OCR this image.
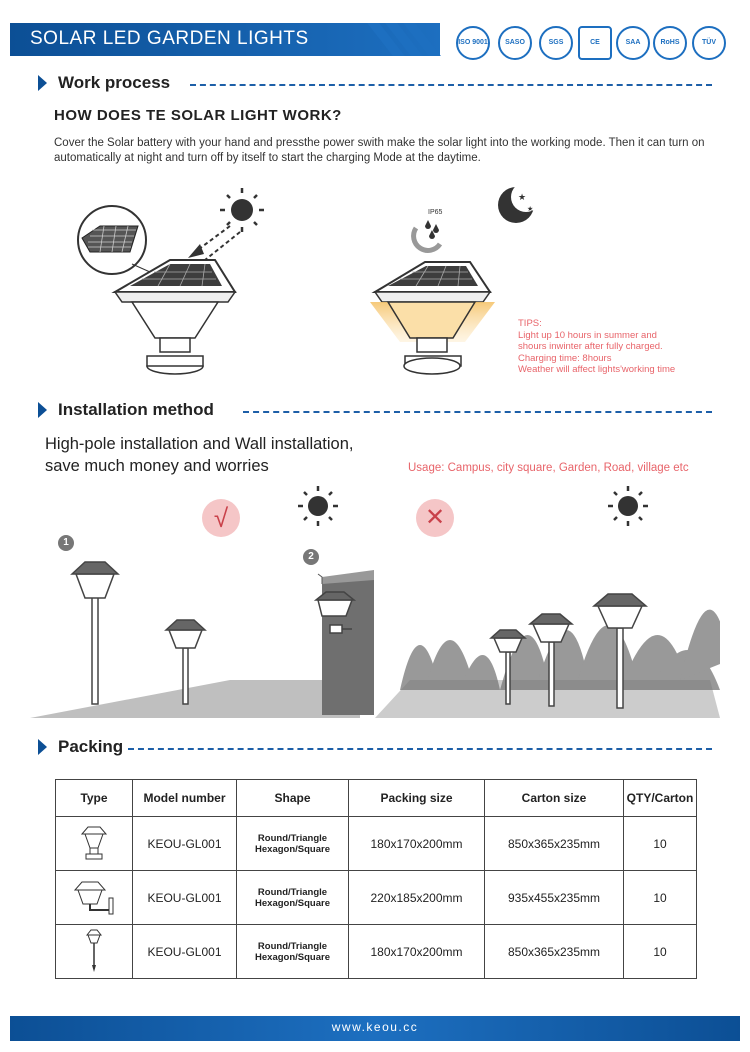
SOLAR LED GARDEN LIGHTS	ISO 9001	SASO	SGS	CE	SAA	RoHS	TÜV
Work process
HOW DOES TE SOLAR LIGHT WORK?
Cover the Solar battery with your hand and pressthe power swith make the solar light into the working mode. Then it can turn on automatically at night and turn off by itself to start the charging Mode at the daytime.
IP65
★
★
TIPS:
Light up 10 hours in summer and
shours inwinter after fully charged.
Charging time: 8hours
Weather will affect lights'working time
Installation method
High-pole installation and Wall installation,
save much money and worries	Usage: Campus, city square, Garden, Road, village etc
√	✕
1
2
Packing
Type	Model number	Shape	Packing size	Carton size	QTY/Carton
	KEOU-GL001	Round/Triangle
Hexagon/Square	180x170x200mm	850x365x235mm	10
	KEOU-GL001	Round/Triangle
Hexagon/Square	220x185x200mm	935x455x235mm	10
	KEOU-GL001	Round/Triangle
Hexagon/Square	180x170x200mm	850x365x235mm	10
www.keou.cc
